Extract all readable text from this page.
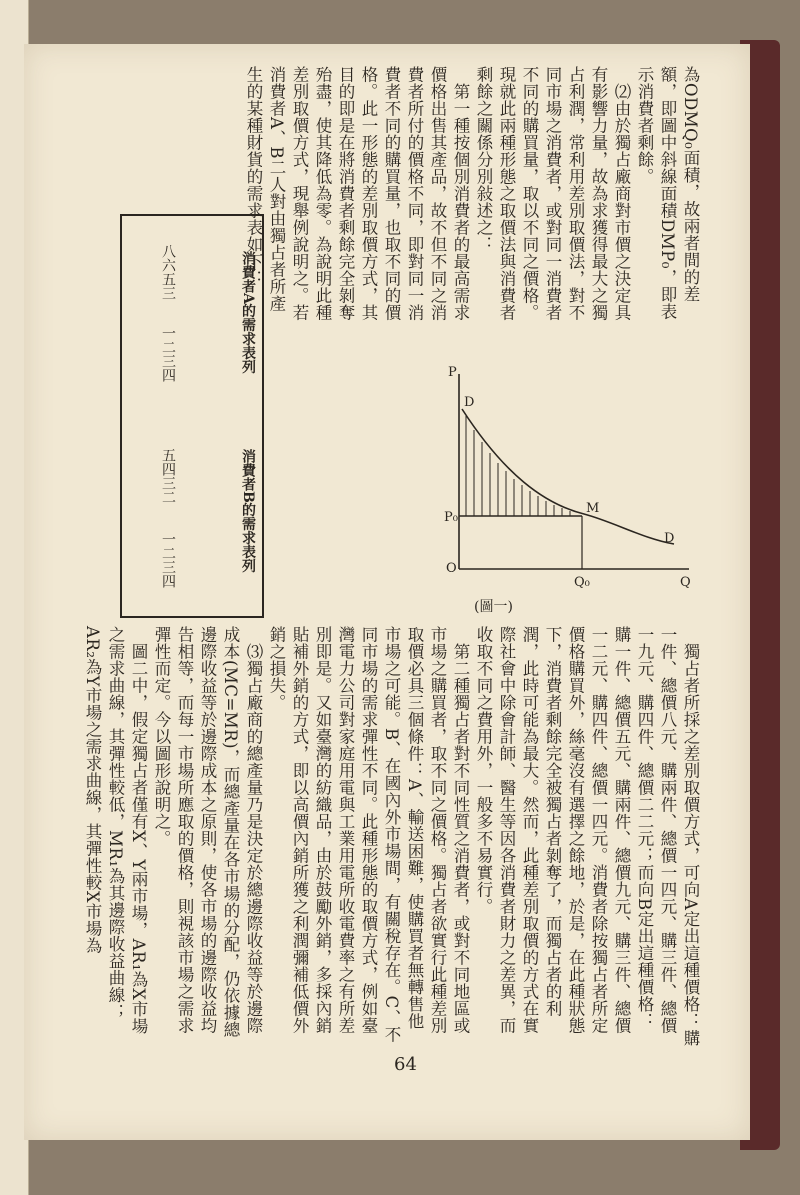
為ODMQ₀面積，故兩者間的差額，即圖中斜線面積DMP₀，即表示消費者剩餘。

⑵由於獨占廠商對市價之決定具有影響力量，故為求獲得最大之獨占利潤，常利用差別取價法，對不同市場之消費者，或對同一消費者不同的購買量，取以不同之價格。現就此兩種形態之取價法與消費者剩餘之關係分別敍述之：

第一種按個別消費者的最高需求價格出售其產品，故不但不同之消費者所付的價格不同，即對同一消費者不同的購買量，也取不同的價格。此一形態的差別取價方式，其目的即是在將消費者剩餘完全剝奪殆盡，使其降低為零。為說明此種差別取價方式，現舉例說明之。若消費者A、B二人對由獨占者所產生的某種財貨的需求表如下：

P
D
P₀
M
D
O
Q₀	Q
(圖一)
消費者A的需求表列
八六五三
一二三四
消費者B的需求表列
五四三二
一二三四

獨占者所採之差別取價方式，可向A定出這種價格：購一件、總價八元、購兩件、總價一四元、購三件、總價一九元、購四件、總價二二元；而向B定出這種價格：購一件、總價五元、購兩件、總價九元、購三件、總價一二元、購四件、總價一四元。消費者除按獨占者所定價格購買外，絲毫沒有選擇之餘地，於是，在此種狀態下，消費者剩餘完全被獨占者剝奪了，而獨占者的利潤，此時可能為最大。然而，此種差別取價的方式在實際社會中除會計師、醫生等因各消費者財力之差異，而收取不同之費用外，一般多不易實行。

第二種獨占者對不同性質之消費者，或對不同地區或市場之購買者，取不同之價格。獨占者欲實行此種差別取價必具三個條件：A、輸送困難，使購買者無轉售他市場之可能。B、在國內外市場間，有關稅存在。C、不同市場的需求彈性不同。此種形態的取價方式，例如臺灣電力公司對家庭用電與工業用電所收電費率之有所差別即是。又如臺灣的紡織品，由於鼓勵外銷，多採內銷貼補外銷的方式，即以高價內銷所獲之利潤彌補低價外銷之損失。

⑶獨占廠商的總產量乃是決定於總邊際收益等於邊際成本(MC=MR)，而總產量在各市場的分配，仍依據總邊際收益等於邊際成本之原則，使各市場的邊際收益均告相等，而每一市場所應取的價格，則視該市場之需求彈性而定。今以圖形說明之。

圖二中，假定獨占者僅有X、Y兩市場，AR₁為X市場之需求曲線，其彈性較低，MR₁為其邊際收益曲線；AR₂為Y市場之需求曲線，其彈性較X市場為

64
